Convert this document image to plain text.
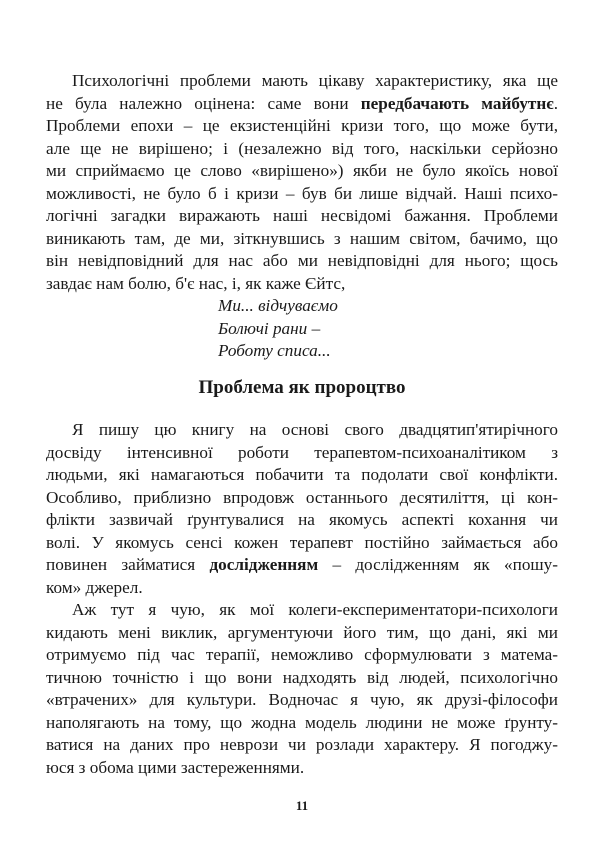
Психологічні проблеми мають цікаву характеристику, яка ще
не була належно оцінена: саме вони передбачають майбутнє.
Проблеми епохи – це екзистенційні кризи того, що може бути,
але ще не вирішено; і (незалежно від того, наскільки серйозно
ми сприймаємо це слово «вирішено») якби не було якоїсь нової
можливості, не було б і кризи – був би лише відчай. Наші психо-
логічні загадки виражають наші несвідомі бажання. Проблеми
виникають там, де ми, зіткнувшись з нашим світом, бачимо, що
він невідповідний для нас або ми невідповідні для нього; щось
завдає нам болю, б'є нас, і, як каже Єйтс,
Ми... відчуваємо
Болючі рани –
Роботу списа...
Проблема як пророцтво
Я пишу цю книгу на основі свого двадцятип'ятирічного
досвіду інтенсивної роботи терапевтом-психоаналітиком з
людьми, які намагаються побачити та подолати свої конфлікти.
Особливо, приблизно впродовж останнього десятиліття, ці кон-
флікти зазвичай ґрунтувалися на якомусь аспекті кохання чи
волі. У якомусь сенсі кожен терапевт постійно займається або
повинен займатися дослідженням – дослідженням як «пошу-
ком» джерел.
Аж тут я чую, як мої колеги-експериментатори-психологи
кидають мені виклик, аргументуючи його тим, що дані, які ми
отримуємо під час терапії, неможливо сформулювати з матема-
тичною точністю і що вони надходять від людей, психологічно
«втрачених» для культури. Водночас я чую, як друзі-філософи
наполягають на тому, що жодна модель людини не може ґрунту-
ватися на даних про неврози чи розлади характеру. Я погоджу-
юся з обома цими застереженнями.
11
